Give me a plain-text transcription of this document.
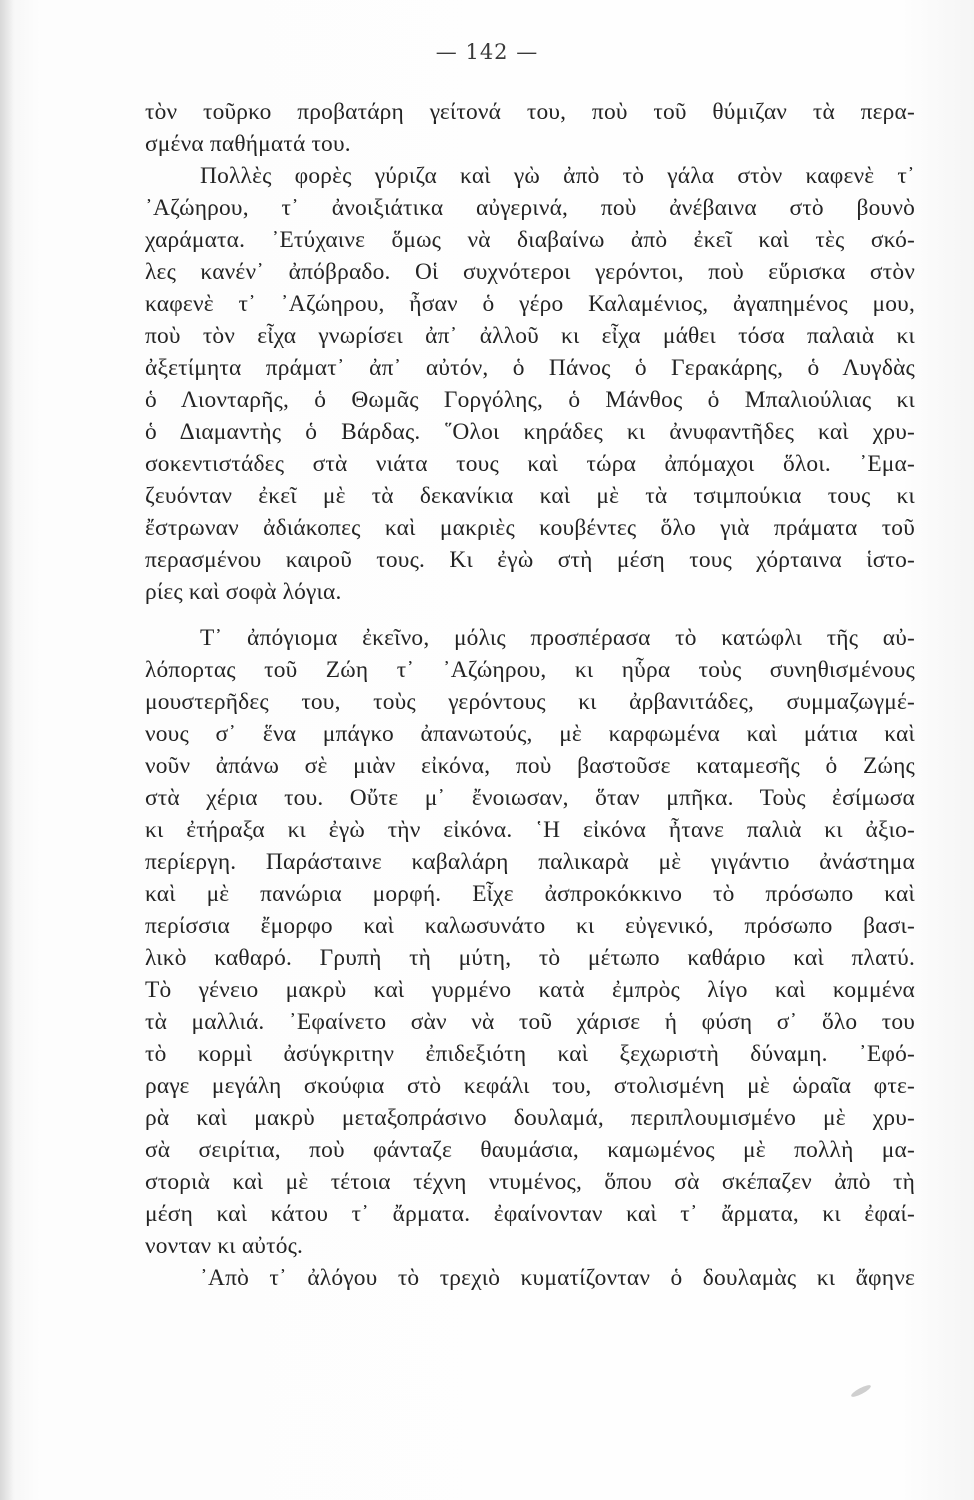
— 142 —
τὸν τοῦρκο προβατάρη γείτονά του, ποὺ τοῦ θύμιζαν τὰ περα-
σμένα παθήματά του.
Πολλὲς φορὲς γύριζα καὶ γὼ ἀπὸ τὸ γάλα στὸν καφενὲ τ᾿
᾿Αζώηρου, τ᾿ ἀνοιξιάτικα αὐγερινά, ποὺ ἀνέβαινα στὸ βουνὸ
χαράματα. ᾿Ετύχαινε ὅμως νὰ διαβαίνω ἀπὸ ἐκεῖ καὶ τὲς σκό-
λες κανέν᾿ ἀπόβραδο. Οἱ συχνότεροι γερόντοι, ποὺ εὕρισκα στὸν
καφενὲ τ᾿ ᾿Αζώηρου, ἦσαν ὁ γέρο Καλαμένιος, ἀγαπημένος μου,
ποὺ τὸν εἶχα γνωρίσει ἀπ᾿ ἀλλοῦ κι εἶχα μάθει τόσα παλαιὰ κι
ἀξετίμητα πράματ᾿ ἀπ᾿ αὐτόν, ὁ Πάνος ὁ Γερακάρης, ὁ Λυγδὰς
ὁ Λιονταρῆς, ὁ Θωμᾶς Γοργόλης, ὁ Μάνθος ὁ Μπαλιούλιας κι
ὁ Διαμαντὴς ὁ Βάρδας. ῞Ολοι κηράδες κι ἀνυφαντῆδες καὶ χρυ-
σοκεντιστάδες στὰ νιάτα τους καὶ τώρα ἀπόμαχοι ὅλοι. ᾿Εμα-
ζευόνταν ἐκεῖ μὲ τὰ δεκανίκια καὶ μὲ τὰ τσιμπούκια τους κι
ἔστρωναν ἀδιάκοπες καὶ μακριὲς κουβέντες ὅλο γιὰ πράματα τοῦ
περασμένου καιροῦ τους. Κι ἐγὼ στὴ μέση τους χόρταινα ἱστο-
ρίες καὶ σοφὰ λόγια.
Τ᾿ ἀπόγιομα ἐκεῖνο, μόλις προσπέρασα τὸ κατώφλι τῆς αὐ-
λόπορτας τοῦ Ζώη τ᾿ ᾿Αζώηρου, κι ηὗρα τοὺς συνηθισμένους
μουστερῆδες του, τοὺς γερόντους κι ἀρβανιτάδες, συμμαζωγμέ-
νους σ᾿ ἕνα μπάγκο ἀπανωτούς, μὲ καρφωμένα καὶ μάτια καὶ
νοῦν ἀπάνω σὲ μιὰν εἰκόνα, ποὺ βαστοῦσε καταμεσῆς ὁ Ζώης
στὰ χέρια του. Οὔτε μ᾿ ἔνοιωσαν, ὅταν μπῆκα. Τοὺς ἐσίμωσα
κι ἐτήραξα κι ἐγὼ τὴν εἰκόνα. ῾Η εἰκόνα ἦτανε παλιὰ κι ἀξιο-
περίεργη. Παράσταινε καβαλάρη παλικαρὰ μὲ γιγάντιο ἀνάστημα
καὶ μὲ πανώρια μορφή. Εἶχε ἀσπροκόκκινο τὸ πρόσωπο καὶ
περίσσια ἔμορφο καὶ καλωσυνάτο κι εὐγενικό, πρόσωπο βασι-
λικὸ καθαρό. Γρυπὴ τὴ μύτη, τὸ μέτωπο καθάριο καὶ πλατύ.
Τὸ γένειο μακρὺ καὶ γυρμένο κατὰ ἐμπρὸς λίγο καὶ κομμένα
τὰ μαλλιά. ᾿Εφαίνετο σὰν νὰ τοῦ χάρισε ἡ φύση σ᾿ ὅλο του
τὸ κορμὶ ἀσύγκριτην ἐπιδεξιότη καὶ ξεχωριστὴ δύναμη. ᾿Εφό-
ραγε μεγάλη σκούφια στὸ κεφάλι του, στολισμένη μὲ ὡραῖα φτε-
ρὰ καὶ μακρὺ μεταξοπράσινο δουλαμά, περιπλουμισμένο μὲ χρυ-
σὰ σειρίτια, ποὺ φάνταζε θαυμάσια, καμωμένος μὲ πολλὴ μα-
στοριὰ καὶ μὲ τέτοια τέχνη ντυμένος, ὅπου σὰ σκέπαζεν ἀπὸ τὴ
μέση καὶ κάτου τ᾿ ἄρματα. ἐφαίνονταν καὶ τ᾿ ἄρματα, κι ἐφαί-
νονταν κι αὐτός.
᾿Απὸ τ᾿ ἀλόγου τὸ τρεχιὸ κυματίζονταν ὁ δουλαμὰς κι ἄφηνε
